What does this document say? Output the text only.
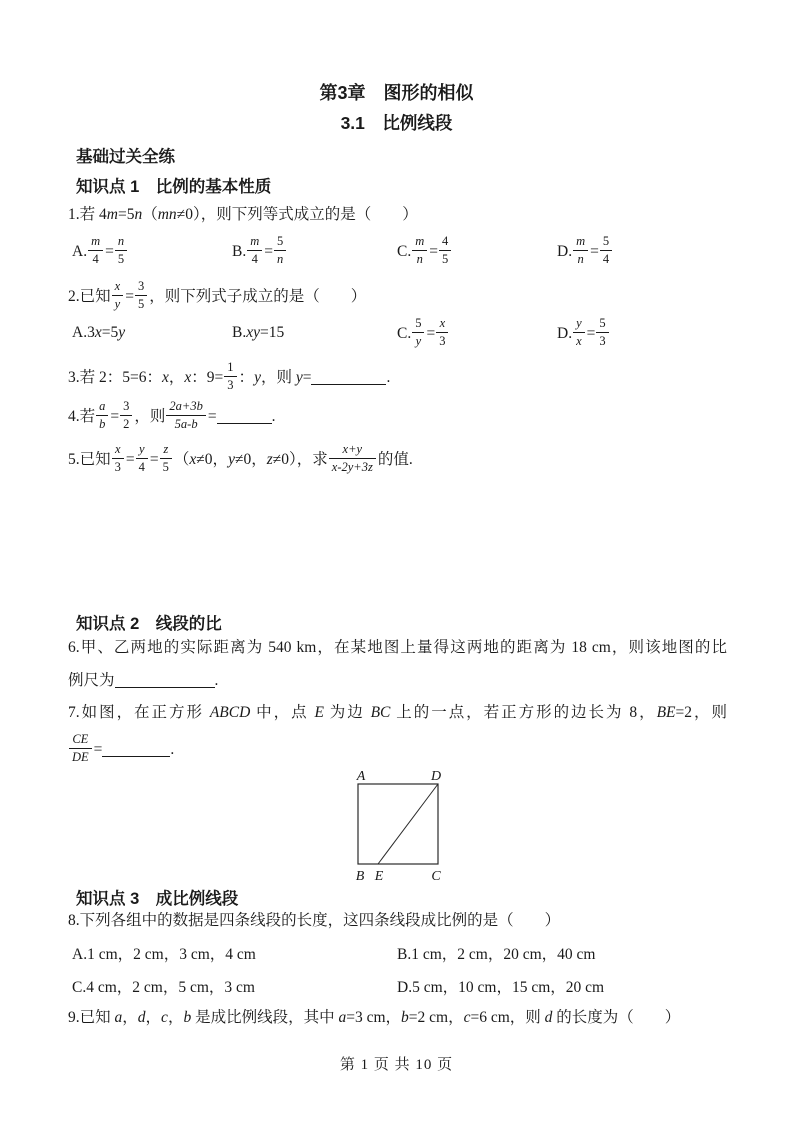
第3章　图形的相似
3.1　比例线段
基础过关全练
知识点 1　比例的基本性质
1.若 4m=5n（mn≠0），则下列等式成立的是（　　）
A. $\frac{m}{4} = \frac{n}{5}$	B. $\frac{m}{4} = \frac{5}{n}$	C. $\frac{m}{n} = \frac{4}{5}$	D. $\frac{m}{n} = \frac{5}{4}$
2.已知 $\frac{x}{y} = \frac{3}{5}$ ，则下列式子成立的是（　　）
A.3x=5y	B.xy=15	C. $\frac{5}{y} = \frac{x}{3}$	D. $\frac{y}{x} = \frac{5}{3}$
3.若 2：5=6：x，x：$9= \frac{1}{3}$ ：y，则 y=	.
4.若 $\frac{a}{b} = \frac{3}{2}$ ，则 $\frac{2a+3b}{5a-b}$ =	.
5.已知 $\frac{x}{3} = \frac{y}{4} = \frac{z}{5} (x\ne 0$，y≠0，z≠0），求 $\frac{x+y}{x-2y+3z}$ 的值.
知识点 2　线段的比
6.甲、乙两地的实际距离为 540 km，在某地图上量得这两地的距离为 18 cm，则该地图的比
例尺为	.
7.如图，在正方形 ABCD 中，点 E 为边 BC 上的一点，若正方形的边长为 8，BE=2，则
$\frac{CE}{DE}$ =	.
A	D
B E	C
知识点 3　成比例线段
8.下列各组中的数据是四条线段的长度，这四条线段成比例的是（　　）
A.1 cm，2 cm，3 cm，4 cm	B.1 cm，2 cm，20 cm，40 cm
C.4 cm，2 cm，5 cm，3 cm	D.5 cm，10 cm，15 cm，20 cm
9.已知 a，d，c，b 是成比例线段，其中 a=3 cm，b=2 cm，c=6 cm，则 d 的长度为（　　）
第 1 页 共 10 页
